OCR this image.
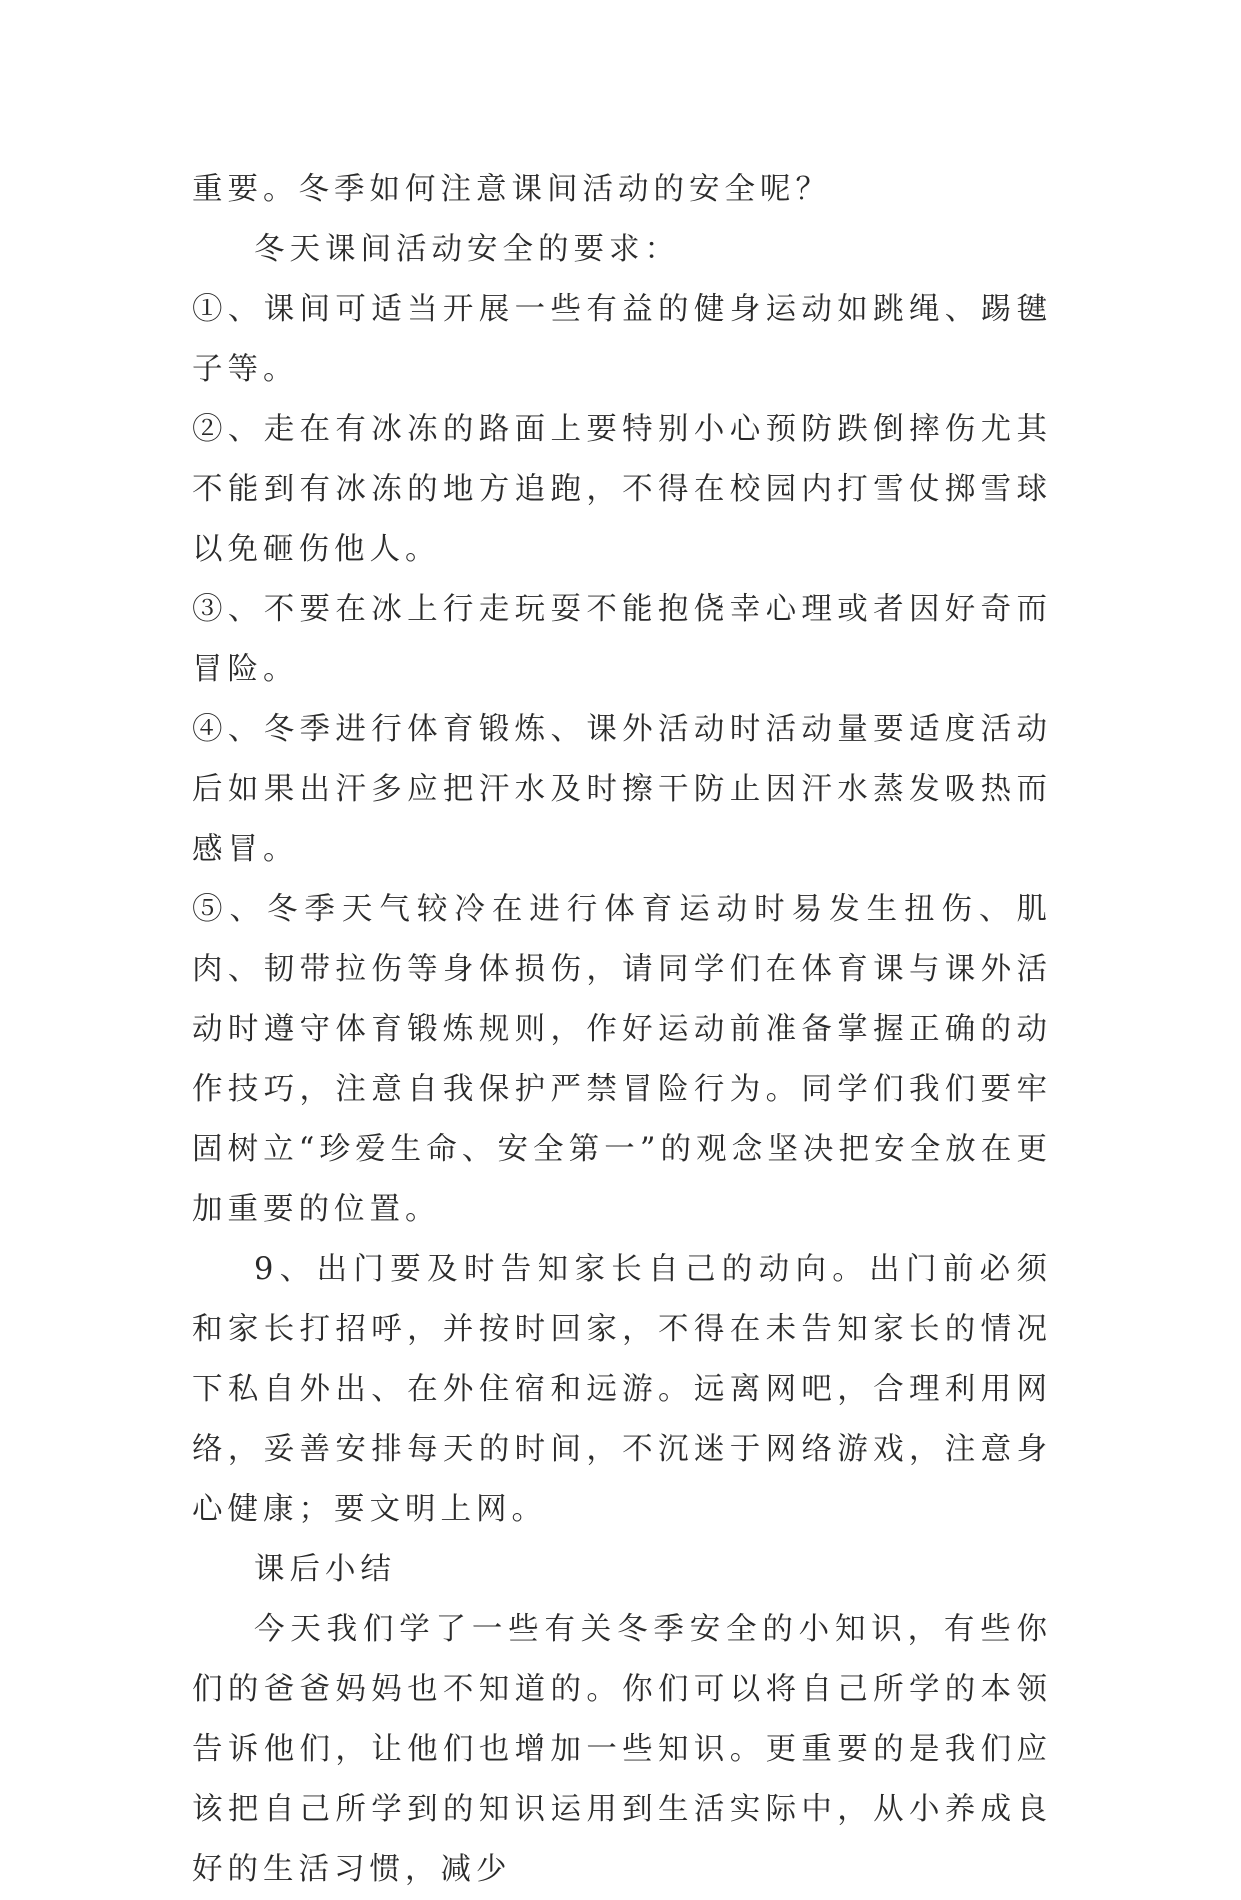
重要。冬季如何注意课间活动的安全呢？

冬天课间活动安全的要求：

①、课间可适当开展一些有益的健身运动如跳绳、踢毽子等。

②、走在有冰冻的路面上要特别小心预防跌倒摔伤尤其不能到有冰冻的地方追跑，不得在校园内打雪仗掷雪球以免砸伤他人。

③、不要在冰上行走玩耍不能抱侥幸心理或者因好奇而冒险。

④、冬季进行体育锻炼、课外活动时活动量要适度活动后如果出汗多应把汗水及时擦干防止因汗水蒸发吸热而感冒。

⑤、冬季天气较冷在进行体育运动时易发生扭伤、肌肉、韧带拉伤等身体损伤，请同学们在体育课与课外活动时遵守体育锻炼规则，作好运动前准备掌握正确的动作技巧，注意自我保护严禁冒险行为。同学们我们要牢固树立“珍爱生命、安全第一”的观念坚决把安全放在更加重要的位置。

9、出门要及时告知家长自己的动向。出门前必须和家长打招呼，并按时回家，不得在未告知家长的情况下私自外出、在外住宿和远游。远离网吧，合理利用网络，妥善安排每天的时间，不沉迷于网络游戏，注意身心健康；要文明上网。

课后小结

今天我们学了一些有关冬季安全的小知识，有些你们的爸爸妈妈也不知道的。你们可以将自己所学的本领告诉他们，让他们也增加一些知识。更重要的是我们应该把自己所学到的知识运用到生活实际中，从小养成良好的生活习惯，减少
